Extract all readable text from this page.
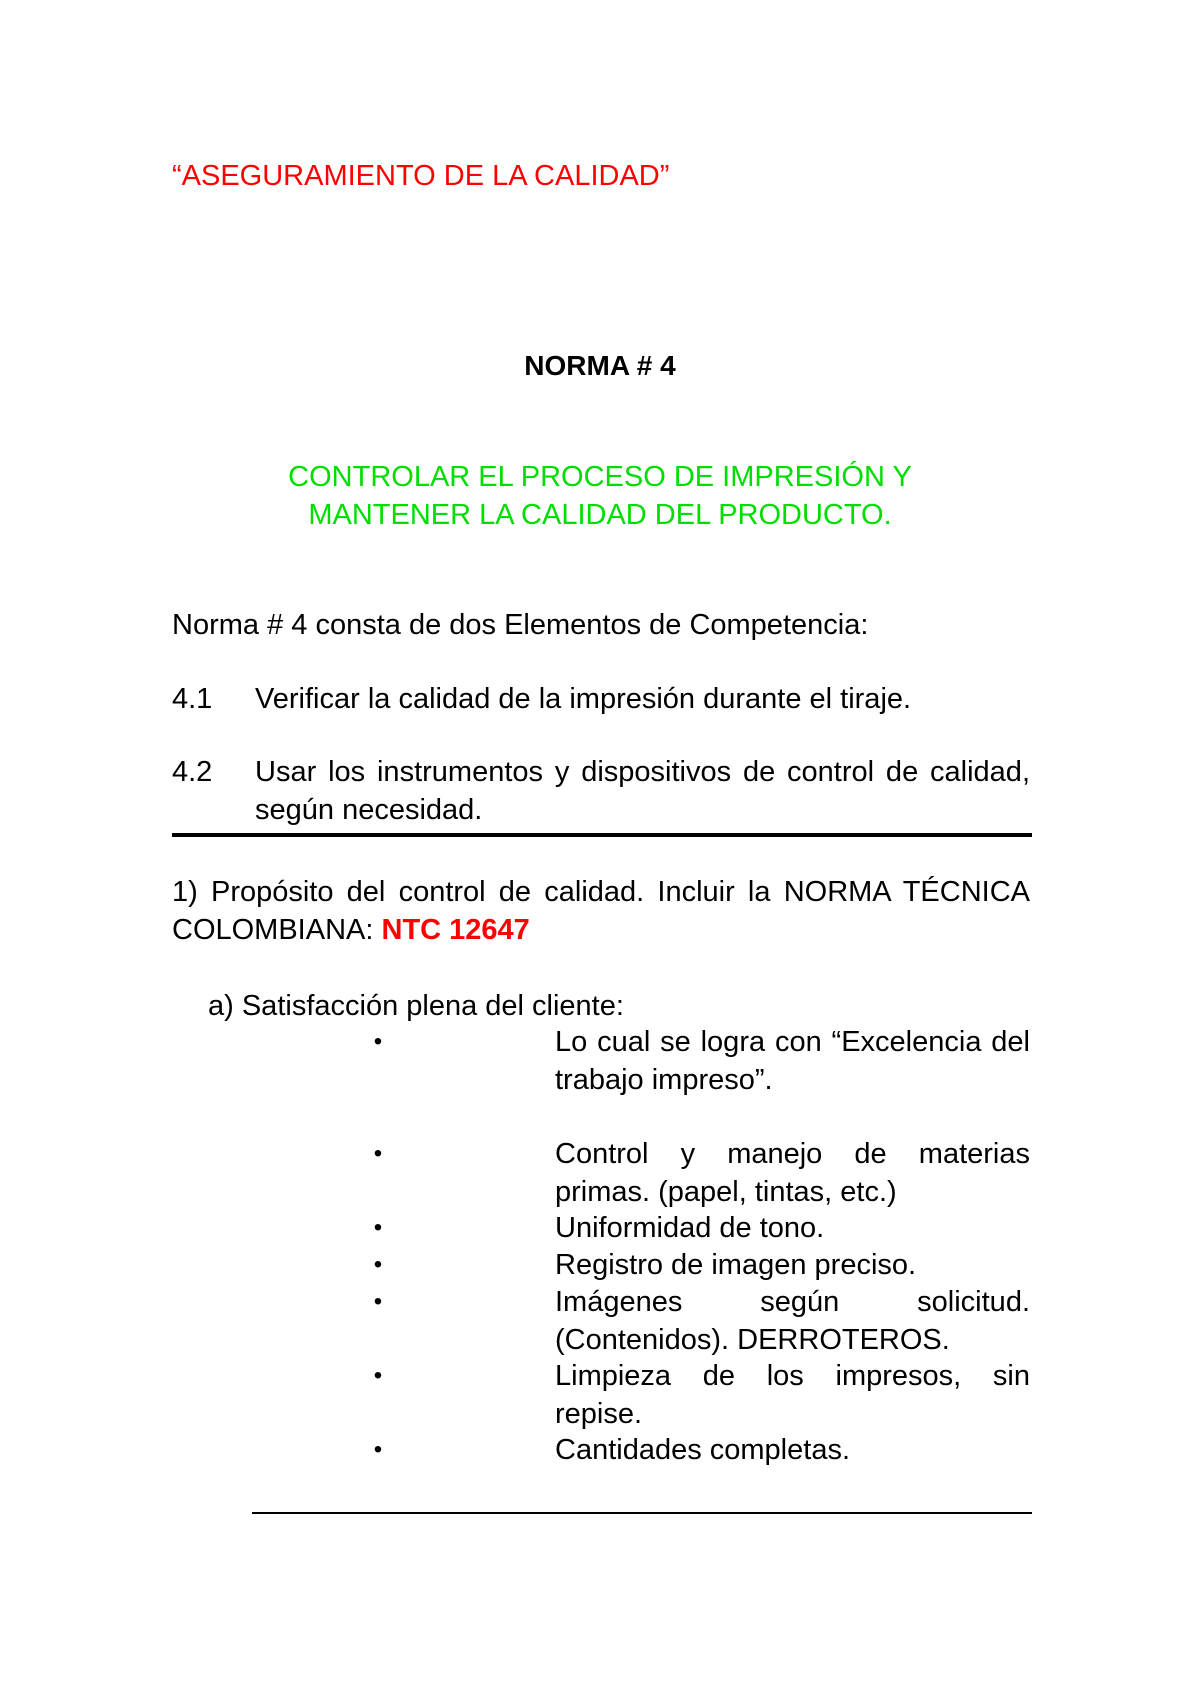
“ASEGURAMIENTO DE LA CALIDAD”
NORMA # 4
CONTROLAR EL PROCESO DE IMPRESIÓN Y
MANTENER LA CALIDAD DEL PRODUCTO.
Norma # 4 consta de dos Elementos de Competencia:
4.1 Verificar la calidad de la impresión durante el tiraje.
4.2 Usar los instrumentos y dispositivos de control de calidad, según necesidad.
1) Propósito del control de calidad. Incluir la NORMA TÉCNICA COLOMBIANA: NTC 12647
a) Satisfacción plena del cliente:
•	Lo cual se logra con “Excelencia del trabajo impreso”.
•	Control y manejo de materias primas. (papel, tintas, etc.)
•	Uniformidad de tono.
•	Registro de imagen preciso.
•	Imágenes según solicitud. (Contenidos). DERROTEROS.
•	Limpieza de los impresos, sin repise.
•	Cantidades completas.
